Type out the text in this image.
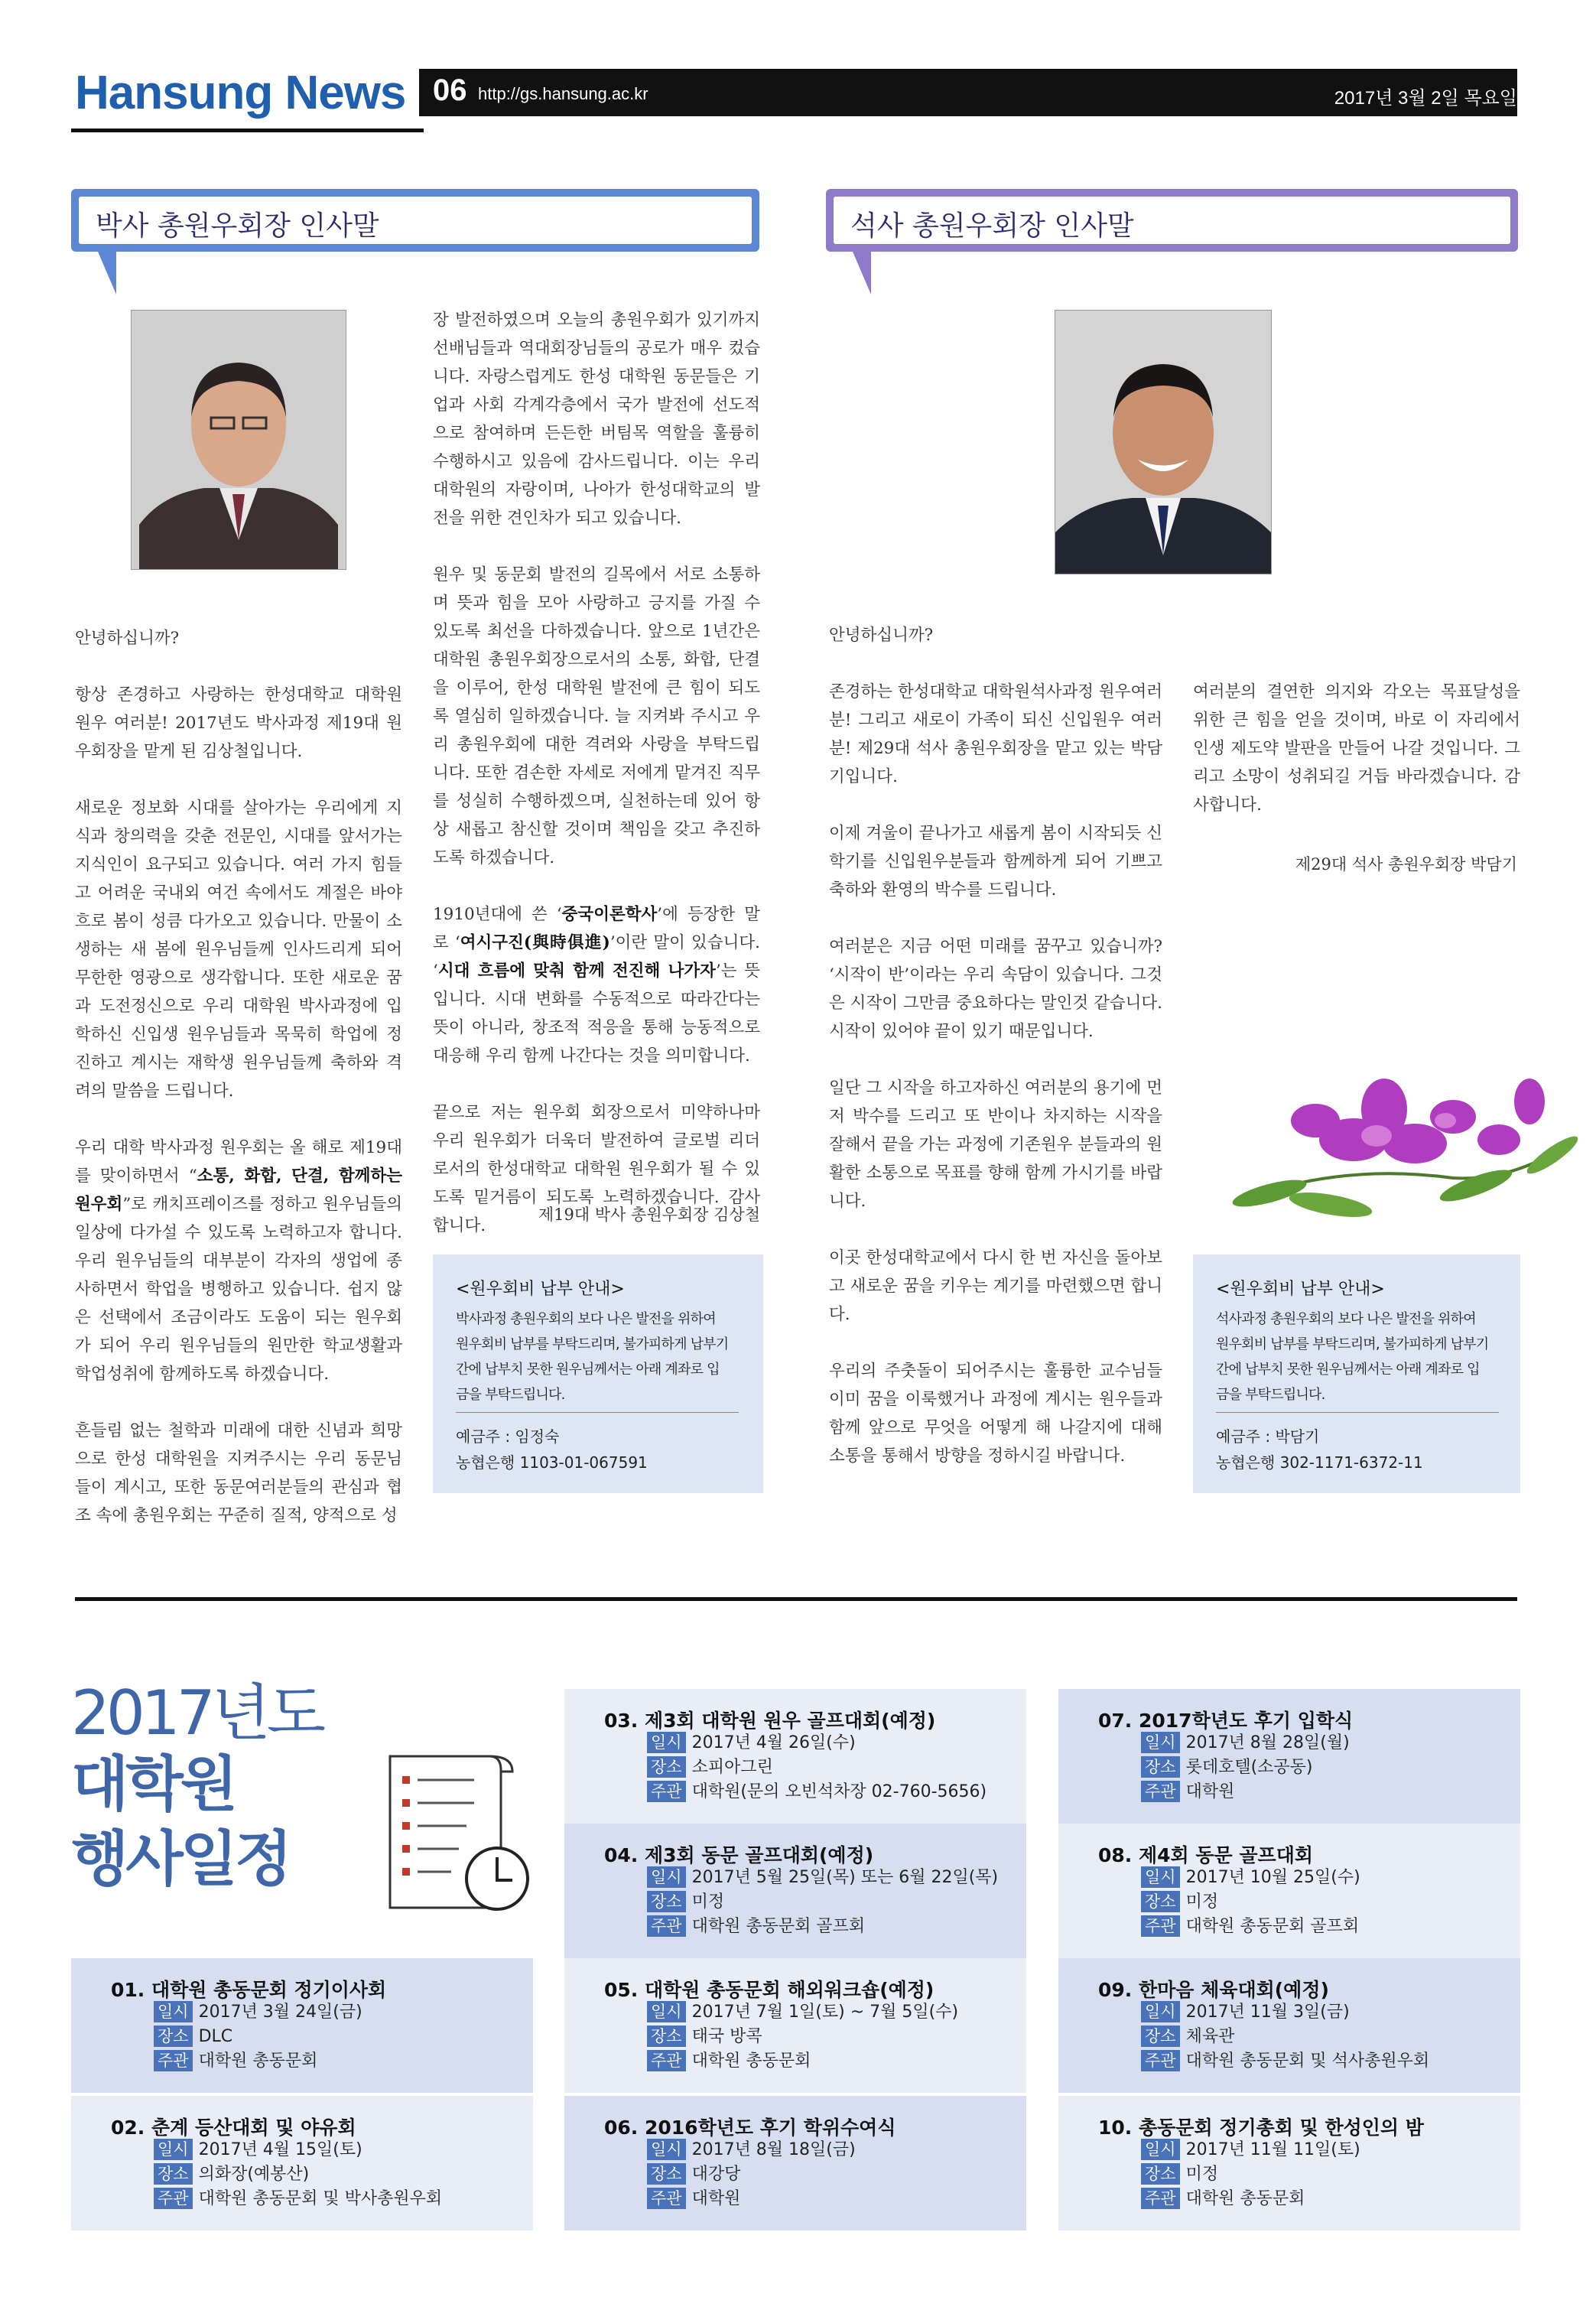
Hansung News 06 http://gs.hansung.ac.kr	2017년 3월 2일 목요일
박사 총원우회장 인사말	석사 총원우회장 인사말

안녕하십니까?

항상 존경하고 사랑하는 한성대학교 대학원 원우 여러분! 2017년도 박사과정 제19대 원우회장을 맡게 된 김상철입니다.

새로운 정보화 시대를 살아가는 우리에게 지식과 창의력을 갖춘 전문인, 시대를 앞서가는 지식인이 요구되고 있습니다. 여러 가지 힘들고 어려운 국내외 여건 속에서도 계절은 바야흐로 봄이 성큼 다가오고 있습니다. 만물이 소생하는 새 봄에 원우님들께 인사드리게 되어 무한한 영광으로 생각합니다. 또한 새로운 꿈과 도전정신으로 우리 대학원 박사과정에 입학하신 신입생 원우님들과 목묵히 학업에 정진하고 계시는 재학생 원우님들께 축하와 격려의 말씀을 드립니다.

우리 대학 박사과정 원우회는 올 해로 제19대를 맞이하면서 “소통, 화합, 단결, 함께하는 원우회”로 캐치프레이즈를 정하고 원우님들의 일상에 다가설 수 있도록 노력하고자 합니다. 우리 원우님들의 대부분이 각자의 생업에 종사하면서 학업을 병행하고 있습니다. 쉽지 않은 선택에서 조금이라도 도움이 되는 원우회가 되어 우리 원우님들의 원만한 학교생활과 학업성취에 함께하도록 하겠습니다.

흔들림 없는 철학과 미래에 대한 신념과 희망으로 한성 대학원을 지켜주시는 우리 동문님들이 계시고, 또한 동문여러분들의 관심과 협조 속에 총원우회는 꾸준히 질적, 양적으로 성

장 발전하였으며 오늘의 총원우회가 있기까지 선배님들과 역대회장님들의 공로가 매우 컸습니다. 자랑스럽게도 한성 대학원 동문들은 기업과 사회 각계각층에서 국가 발전에 선도적으로 참여하며 든든한 버팀목 역할을 훌륭히 수행하시고 있음에 감사드립니다. 이는 우리 대학원의 자랑이며, 나아가 한성대학교의 발전을 위한 견인차가 되고 있습니다.

원우 및 동문회 발전의 길목에서 서로 소통하며 뜻과 힘을 모아 사랑하고 긍지를 가질 수 있도록 최선을 다하겠습니다. 앞으로 1년간은 대학원 총원우회장으로서의 소통, 화합, 단결을 이루어, 한성 대학원 발전에 큰 힘이 되도록 열심히 일하겠습니다. 늘 지켜봐 주시고 우리 총원우회에 대한 격려와 사랑을 부탁드립니다. 또한 겸손한 자세로 저에게 맡겨진 직무를 성실히 수행하겠으며, 실천하는데 있어 항상 새롭고 참신할 것이며 책임을 갖고 추진하도록 하겠습니다.

1910년대에 쓴 ‘중국이론학사’에 등장한 말로 ‘여시구진(與時俱進)’이란 말이 있습니다. ‘시대 흐름에 맞춰 함께 전진해 나가자’는 뜻입니다. 시대 변화를 수동적으로 따라간다는 뜻이 아니라, 창조적 적응을 통해 능동적으로 대응해 우리 함께 나간다는 것을 의미합니다.

끝으로 저는 원우회 회장으로서 미약하나마 우리 원우회가 더욱더 발전하여 글로벌 리더로서의 한성대학교 대학원 원우회가 될 수 있도록 밑거름이 되도록 노력하겠습니다. 감사합니다.

제19대 박사 총원우회장 김상철
<원우회비 납부 안내>
박사과정 총원우회의 보다 나은 발전을 위하여 원우회비 납부를 부탁드리며, 불가피하게 납부기간에 납부치 못한 원우님께서는 아래 계좌로 입금을 부탁드립니다.
예금주 : 임정숙
농협은행 1103-01-067591

안녕하십니까?

존경하는 한성대학교 대학원석사과정 원우여러분! 그리고 새로이 가족이 되신 신입원우 여러분! 제29대 석사 총원우회장을 맡고 있는 박담기입니다.

이제 겨울이 끝나가고 새롭게 봄이 시작되듯 신학기를 신입원우분들과 함께하게 되어 기쁘고 축하와 환영의 박수를 드립니다.

여러분은 지금 어떤 미래를 꿈꾸고 있습니까? ‘시작이 반’이라는 우리 속담이 있습니다. 그것은 시작이 그만큼 중요하다는 말인것 같습니다. 시작이 있어야 끝이 있기 때문입니다.

일단 그 시작을 하고자하신 여러분의 용기에 먼저 박수를 드리고 또 반이나 차지하는 시작을 잘해서 끝을 가는 과정에 기존원우 분들과의 원활한 소통으로 목표를 향해 함께 가시기를 바랍니다.

이곳 한성대학교에서 다시 한 번 자신을 돌아보고 새로운 꿈을 키우는 계기를 마련했으면 합니다.

우리의 주춧돌이 되어주시는 훌륭한 교수님들이미 꿈을 이룩했거나 과정에 계시는 원우들과 함께 앞으로 무엇을 어떻게 해 나갈지에 대해 소통을 통해서 방향을 정하시길 바랍니다.

여러분의 결연한 의지와 각오는 목표달성을 위한 큰 힘을 얻을 것이며, 바로 이 자리에서 인생 제도약 발판을 만들어 나갈 것입니다. 그리고 소망이 성취되길 거듭 바라겠습니다. 감사합니다.

제29대 석사 총원우회장 박담기
<원우회비 납부 안내>
석사과정 총원우회의 보다 나은 발전을 위하여 원우회비 납부를 부탁드리며, 불가피하게 납부기간에 납부치 못한 원우님께서는 아래 계좌로 입금을 부탁드립니다.
예금주 : 박담기
농협은행 302-1171-6372-11
2017년도
대학원
행사일정
01. 대학원 총동문회 정기이사회
일시 2017년 3월 24일(금)
장소 DLC
주관 대학원 총동문회
02. 춘계 등산대회 및 야유회
일시 2017년 4월 15일(토)
장소 의화장(예봉산)
주관 대학원 총동문회 및 박사총원우회
03. 제3회 대학원 원우 골프대회(예정)
일시 2017년 4월 26일(수)
장소 소피아그린
주관 대학원(문의 오빈석차장 02-760-5656)
04. 제3회 동문 골프대회(예정)
일시 2017년 5월 25일(목) 또는 6월 22일(목)
장소 미정
주관 대학원 총동문회 골프회
05. 대학원 총동문회 해외워크숍(예정)
일시 2017년 7월 1일(토) ~ 7월 5일(수)
장소 태국 방콕
주관 대학원 총동문회
06. 2016학년도 후기 학위수여식
일시 2017년 8월 18일(금)
장소 대강당
주관 대학원
07. 2017학년도 후기 입학식
일시 2017년 8월 28일(월)
장소 롯데호텔(소공동)
주관 대학원
08. 제4회 동문 골프대회
일시 2017년 10월 25일(수)
장소 미정
주관 대학원 총동문회 골프회
09. 한마음 체육대회(예정)
일시 2017년 11월 3일(금)
장소 체육관
주관 대학원 총동문회 및 석사총원우회
10. 총동문회 정기총회 및 한성인의 밤
일시 2017년 11월 11일(토)
장소 미정
주관 대학원 총동문회
